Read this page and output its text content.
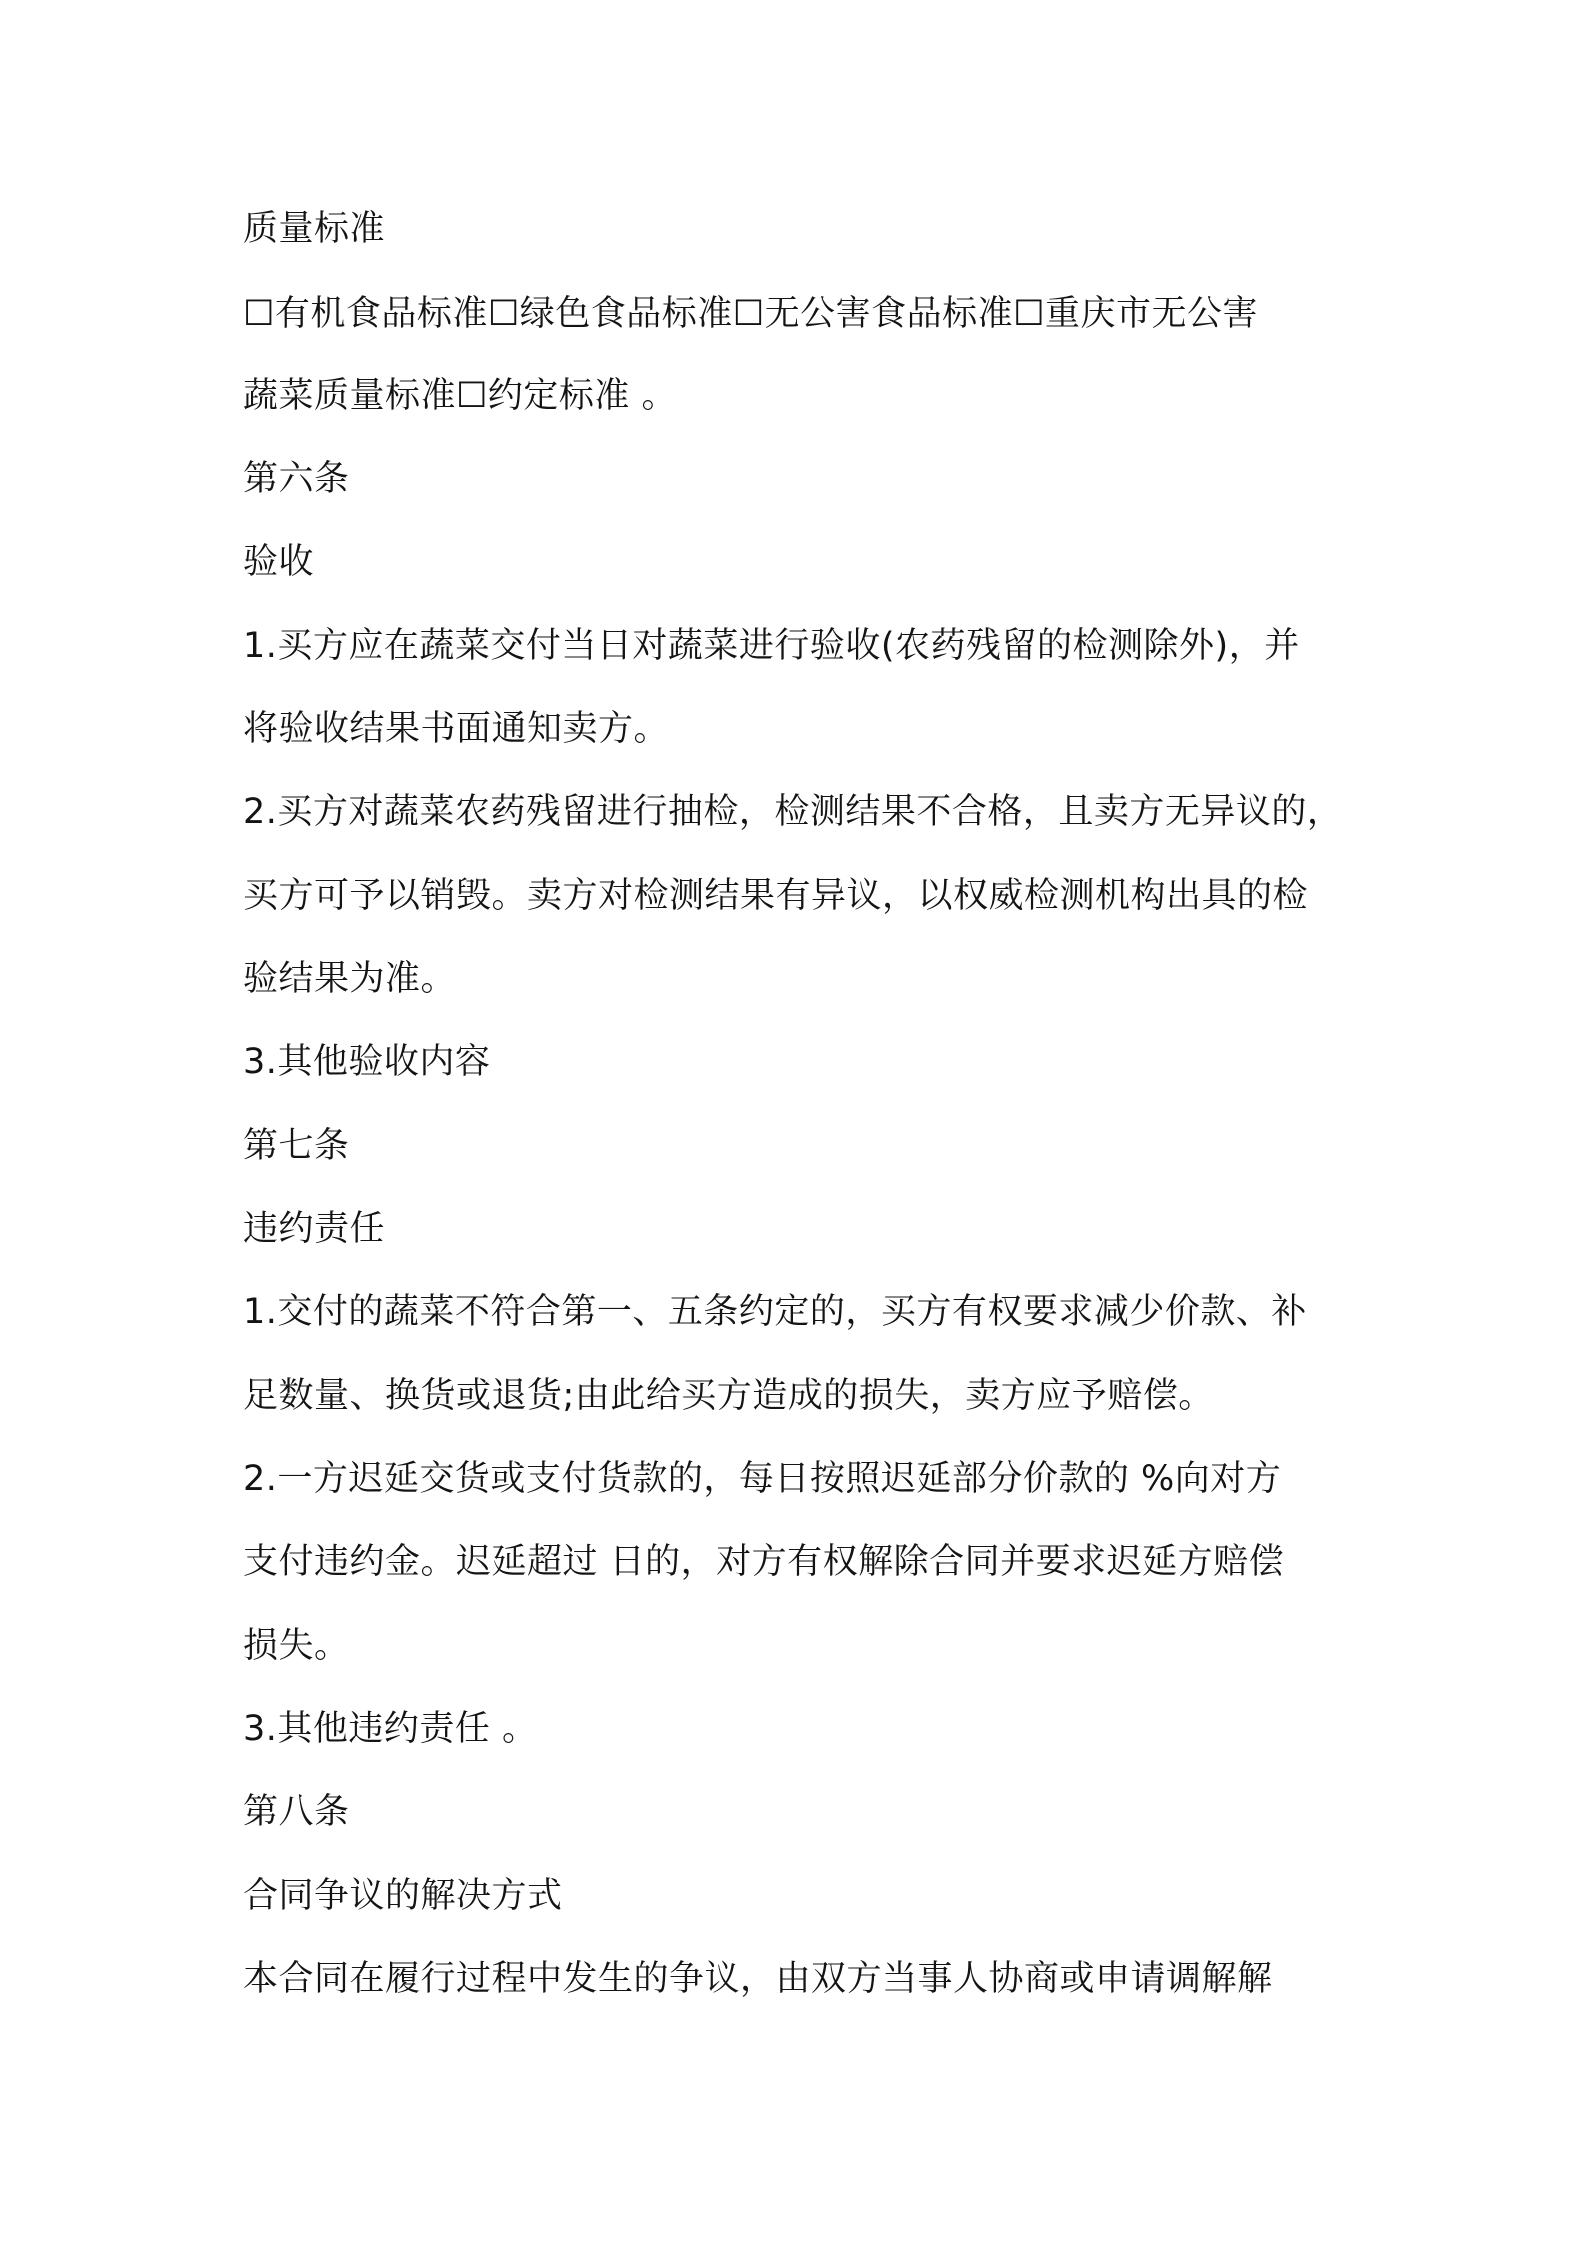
质量标准
☐有机食品标准☐绿色食品标准☐无公害食品标准☐重庆市无公害
蔬菜质量标准☐约定标准 。
第六条
验收
1.买方应在蔬菜交付当日对蔬菜进行验收(农药残留的检测除外)，并
将验收结果书面通知卖方。
2.买方对蔬菜农药残留进行抽检，检测结果不合格，且卖方无异议的，
买方可予以销毁。卖方对检测结果有异议，以权威检测机构出具的检
验结果为准。
3.其他验收内容
第七条
违约责任
1.交付的蔬菜不符合第一、五条约定的，买方有权要求减少价款、补
足数量、换货或退货;由此给买方造成的损失，卖方应予赔偿。
2.一方迟延交货或支付货款的，每日按照迟延部分价款的 %向对方
支付违约金。迟延超过 日的，对方有权解除合同并要求迟延方赔偿
损失。
3.其他违约责任 。
第八条
合同争议的解决方式
本合同在履行过程中发生的争议，由双方当事人协商或申请调解解
